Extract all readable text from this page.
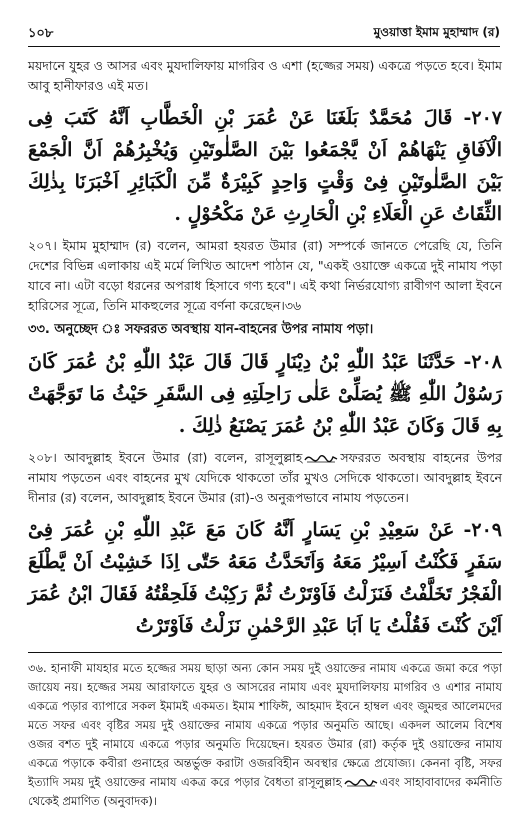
১০৮	মুওয়াত্তা ইমাম মুহাম্মাদ (র)

ময়দানে যুহর ও আসর এবং মুযদালিফায় মাগরিব ও এশা (হজ্জের সময়) একত্রে পড়তে হবে। ইমাম আবু হানীফারও এই মত।

٢٠٧- قَالَ مُحَمَّدٌ بَلَغَنَا عَنْ عُمَرَ بْنِ الْخَطَّابِ اَنَّهُ كَتَبَ فِى الْآفَاقِ يَنْهَاهُمْ اَنْ يَّجْمَعُوا بَيْنَ الصَّلٰوتَيْنِ وَيُخْبِرُهُمْ اَنَّ الْجَمْعَ بَيْنَ الصَّلٰوتَيْنِ فِىْ وَقْتٍ وَاحِدٍ كَبِيْرَةٌ مِّنَ الْكَبَائِرِ اَخْبَرَنَا بِذٰلِكَ الثِّقَاتُ عَنِ الْعَلَاءِ بْنِ الْحَارِثِ عَنْ مَكْحُوْلٍ .

২০৭। ইমাম মুহাম্মাদ (র) বলেন, আমরা হযরত উমার (রা) সম্পর্কে জানতে পেরেছি যে, তিনি দেশের বিভিন্ন এলাকায় এই মর্মে লিখিত আদেশ পাঠান যে, "একই ওয়াক্তে একত্রে দুই নামায পড়া যাবে না। এটা বড়ো ধরনের অপরাধ হিসাবে গণ্য হবে"। এই কথা নির্ভরযোগ্য রাবীগণ আলা ইবনে হারিসের সূত্রে, তিনি মাকহুলের সূত্রে বর্ণনা করেছেন।৩৬

৩৩. অনুচ্ছেদ ঃ সফররত অবস্থায় যান-বাহনের উপর নামায পড়া।

٢٠٨- حَدَّثَنَا عَبْدُ اللّٰهِ بْنُ دِيْنَارٍ قَالَ قَالَ عَبْدُ اللّٰهِ بْنُ عُمَرَ كَانَ رَسُوْلُ اللّٰهِ ﷺ يُصَلِّىْ عَلٰى رَاحِلَتِهِ فِى السَّفَرِ حَيْثُ مَا تَوَجَّهَتْ بِهِ قَالَ وَكَانَ عَبْدُ اللّٰهِ بْنُ عُمَرَ يَصْنَعُ ذٰلِكَ .

২০৮। আবদুল্লাহ ইবনে উমার (রা) বলেন, রাসূলুল্লাহ	সফররত অবস্থায় বাহনের উপর নামায পড়তেন এবং বাহনের মুখ যেদিকে থাকতো তাঁর মুখও সেদিকে থাকতো। আবদুল্লাহ ইবনে দীনার (র) বলেন, আবদুল্লাহ ইবনে উমার (রা)-ও অনুরূপভাবে নামায পড়তেন।

٢٠٩- عَنْ سَعِيْدِ بْنِ يَسَارٍ اَنَّهُ كَانَ مَعَ عَبْدِ اللّٰهِ بْنِ عُمَرَ فِىْ سَفَرٍ فَكُنْتُ اَسِيْرُ مَعَهُ وَاَتَحَدَّثُ مَعَهُ حَتّٰى اِذَا خَشِيْتُ اَنْ يَّطْلَعَ الْفَجْرُ تَخَلَّفْتُ فَنَزَلْتُ فَاَوْتَرْتُ ثُمَّ رَكِبْتُ فَلَحِقْتُهُ فَقَالَ ابْنُ عُمَرَ اَيْنَ كُنْتَ فَقُلْتُ يَا اَبَا عَبْدِ الرَّحْمٰنِ نَزَلْتُ فَاَوْتَرْتُ

৩৬. হানাফী মাযহার মতে হজ্জের সময় ছাড়া অন্য কোন সময় দুই ওয়াক্তের নামায একত্রে জমা করে পড়া জায়েয নয়। হজ্জের সময় আরাফাতে যুহর ও আসরের নামায এবং মুযদালিফায় মাগরিব ও এশার নামায একত্রে পড়ার ব্যাপারে সকল ইমামই একমত। ইমাম শাফিঈ, আহমাদ ইবনে হাম্বল এবং জুমহুর আলেমদের মতে সফর এবং বৃষ্টির সময় দুই ওয়াক্তের নামায একত্রে পড়ার অনুমতি আছে। একদল আলেম বিশেষ ওজর বশত দুই নামাযে একত্রে পড়ার অনুমতি দিয়েছেন। হযরত উমার (রা) কর্তৃক দুই ওয়াক্তের নামায একত্রে পড়াকে কবীরা গুনাহের অন্তর্ভুক্ত করাটা ওজরবিহীন অবস্থার ক্ষেত্রে প্রযোজ্য। কেননা বৃষ্টি, সফর ইত্যাদি সময় দুই ওয়াক্তের নামায একত্র করে পড়ার বৈধতা রাসূলুল্লাহ	এবং সাহাবাবাদের কর্মনীতি থেকেই প্রমাণিত (অনুবাদক)।
